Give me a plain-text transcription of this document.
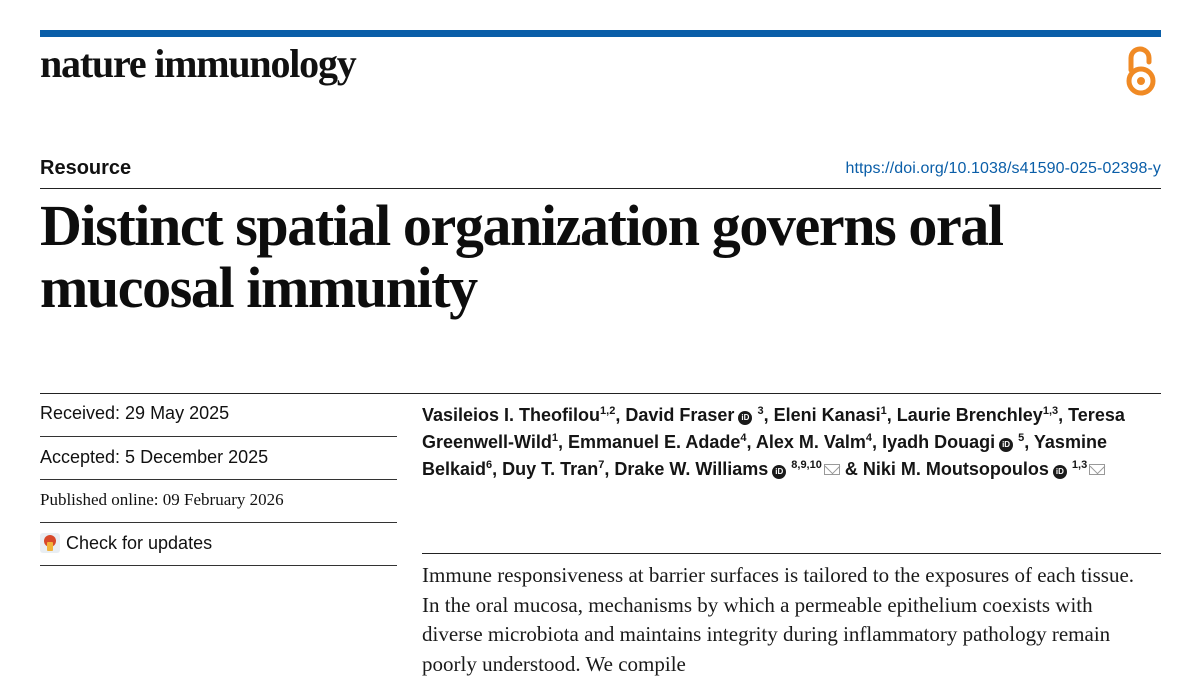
nature immunology
Resource	https://doi.org/10.1038/s41590-025-02398-y
Distinct spatial organization governs oral mucosal immunity
Received: 29 May 2025
Accepted: 5 December 2025
Published online: 09 February 2026
Check for updates
Vasileios I. Theofilou$^{1,2}$, David Fraser iD $^3$, Eleni Kanasi$^1$, Laurie Brenchley$^{1,3}$, Teresa Greenwell-Wild$^1$, Emmanuel E. Adade$^4$, Alex M. Valm$^4$, Iyadh Douagi iD $^5$, Yasmine Belkaid$^6$, Duy T. Tran$^7$, Drake W. Williams iD $^{8,9,10}$ & Niki M. Moutsopoulos iD $^{1,3}$
Immune responsiveness at barrier surfaces is tailored to the exposures of each tissue. In the oral mucosa, mechanisms by which a permeable epithelium coexists with diverse microbiota and maintains integrity during inflammatory pathology remain poorly understood. We compile
